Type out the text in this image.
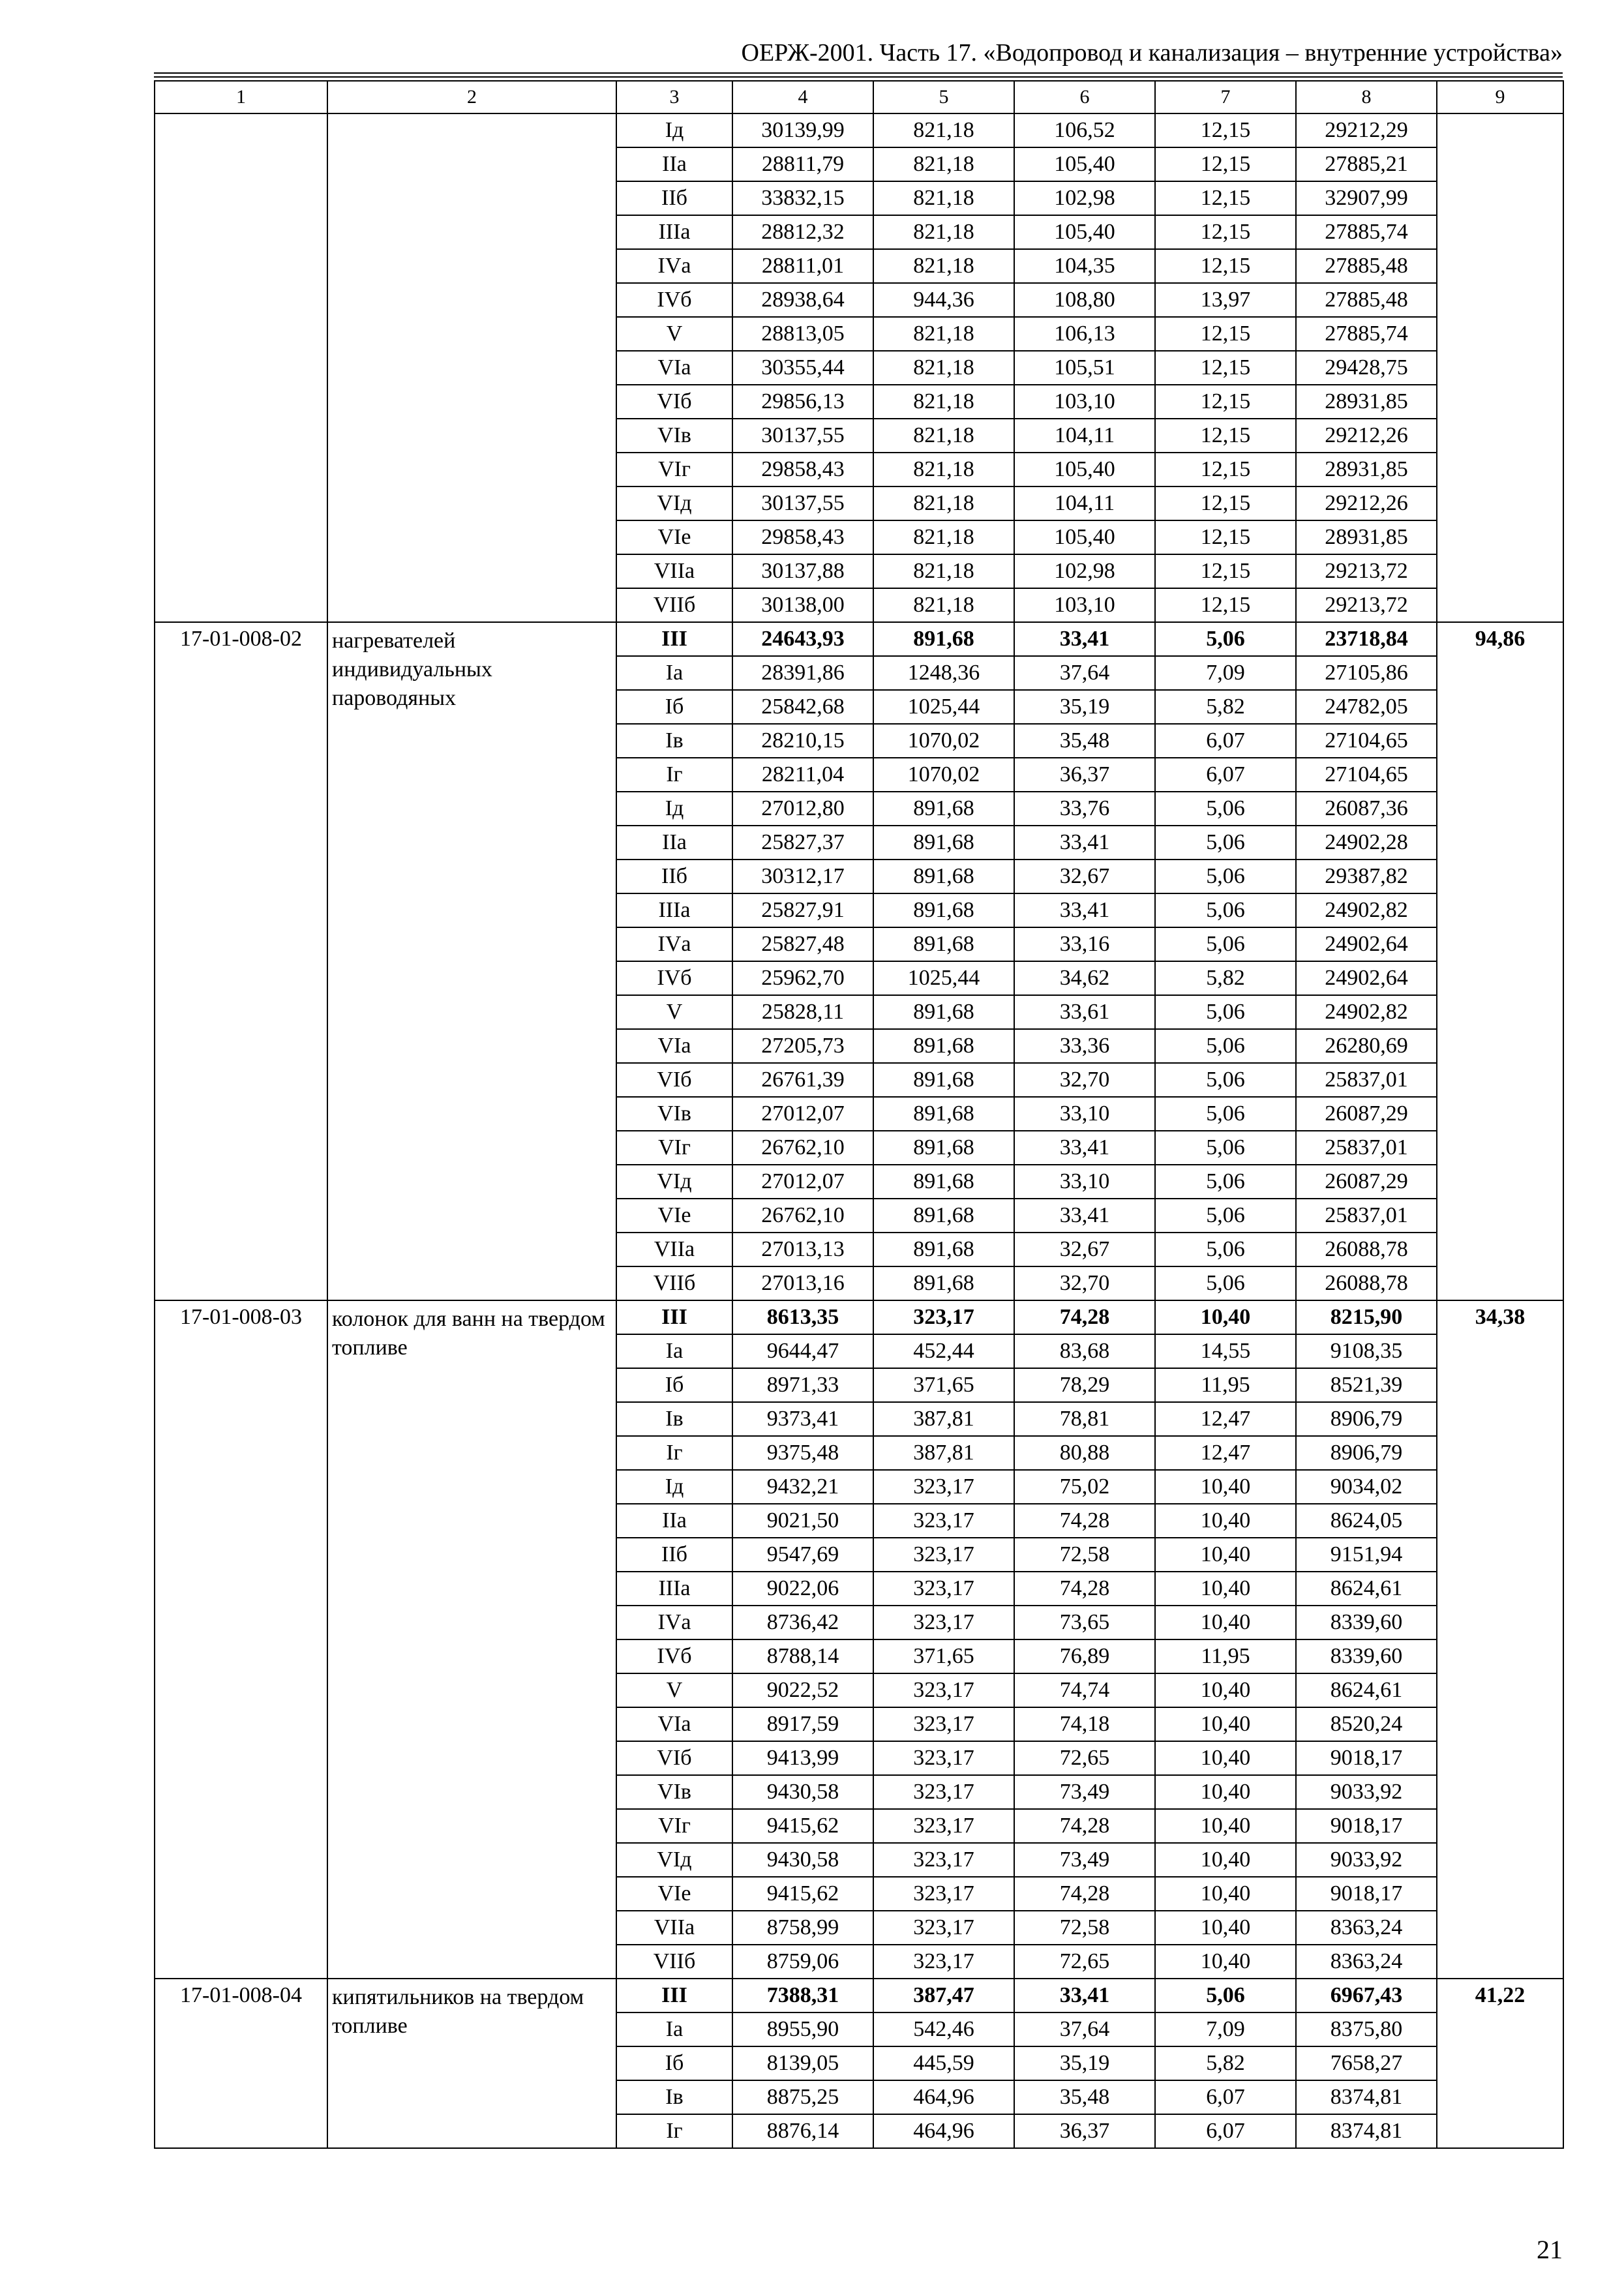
ОЕРЖ-2001. Часть 17. «Водопровод и канализация – внутренние устройства»
1	2	3	4	5	6	7	8	9
		Iд	30139,99	821,18	106,52	12,15	29212,29	
		IIа	28811,79	821,18	105,40	12,15	27885,21	
		IIб	33832,15	821,18	102,98	12,15	32907,99	
		IIIа	28812,32	821,18	105,40	12,15	27885,74	
		IVа	28811,01	821,18	104,35	12,15	27885,48	
		IVб	28938,64	944,36	108,80	13,97	27885,48	
		V	28813,05	821,18	106,13	12,15	27885,74	
		VIа	30355,44	821,18	105,51	12,15	29428,75	
		VIб	29856,13	821,18	103,10	12,15	28931,85	
		VIв	30137,55	821,18	104,11	12,15	29212,26	
		VIг	29858,43	821,18	105,40	12,15	28931,85	
		VIд	30137,55	821,18	104,11	12,15	29212,26	
		VIе	29858,43	821,18	105,40	12,15	28931,85	
		VIIа	30137,88	821,18	102,98	12,15	29213,72	
		VIIб	30138,00	821,18	103,10	12,15	29213,72	
17-01-008-02	нагревателей индивидуальных пароводяных	III	24643,93	891,68	33,41	5,06	23718,84	94,86
		Iа	28391,86	1248,36	37,64	7,09	27105,86	
		Iб	25842,68	1025,44	35,19	5,82	24782,05	
		Iв	28210,15	1070,02	35,48	6,07	27104,65	
		Iг	28211,04	1070,02	36,37	6,07	27104,65	
		Iд	27012,80	891,68	33,76	5,06	26087,36	
		IIа	25827,37	891,68	33,41	5,06	24902,28	
		IIб	30312,17	891,68	32,67	5,06	29387,82	
		IIIа	25827,91	891,68	33,41	5,06	24902,82	
		IVа	25827,48	891,68	33,16	5,06	24902,64	
		IVб	25962,70	1025,44	34,62	5,82	24902,64	
		V	25828,11	891,68	33,61	5,06	24902,82	
		VIа	27205,73	891,68	33,36	5,06	26280,69	
		VIб	26761,39	891,68	32,70	5,06	25837,01	
		VIв	27012,07	891,68	33,10	5,06	26087,29	
		VIг	26762,10	891,68	33,41	5,06	25837,01	
		VIд	27012,07	891,68	33,10	5,06	26087,29	
		VIе	26762,10	891,68	33,41	5,06	25837,01	
		VIIа	27013,13	891,68	32,67	5,06	26088,78	
		VIIб	27013,16	891,68	32,70	5,06	26088,78	
17-01-008-03	колонок для ванн на твердом топливе	III	8613,35	323,17	74,28	10,40	8215,90	34,38
		Iа	9644,47	452,44	83,68	14,55	9108,35	
		Iб	8971,33	371,65	78,29	11,95	8521,39	
		Iв	9373,41	387,81	78,81	12,47	8906,79	
		Iг	9375,48	387,81	80,88	12,47	8906,79	
		Iд	9432,21	323,17	75,02	10,40	9034,02	
		IIа	9021,50	323,17	74,28	10,40	8624,05	
		IIб	9547,69	323,17	72,58	10,40	9151,94	
		IIIа	9022,06	323,17	74,28	10,40	8624,61	
		IVа	8736,42	323,17	73,65	10,40	8339,60	
		IVб	8788,14	371,65	76,89	11,95	8339,60	
		V	9022,52	323,17	74,74	10,40	8624,61	
		VIа	8917,59	323,17	74,18	10,40	8520,24	
		VIб	9413,99	323,17	72,65	10,40	9018,17	
		VIв	9430,58	323,17	73,49	10,40	9033,92	
		VIг	9415,62	323,17	74,28	10,40	9018,17	
		VIд	9430,58	323,17	73,49	10,40	9033,92	
		VIе	9415,62	323,17	74,28	10,40	9018,17	
		VIIа	8758,99	323,17	72,58	10,40	8363,24	
		VIIб	8759,06	323,17	72,65	10,40	8363,24	
17-01-008-04	кипятильников на твердом топливе	III	7388,31	387,47	33,41	5,06	6967,43	41,22
		Iа	8955,90	542,46	37,64	7,09	8375,80	
		Iб	8139,05	445,59	35,19	5,82	7658,27	
		Iв	8875,25	464,96	35,48	6,07	8374,81	
		Iг	8876,14	464,96	36,37	6,07	8374,81	
21
